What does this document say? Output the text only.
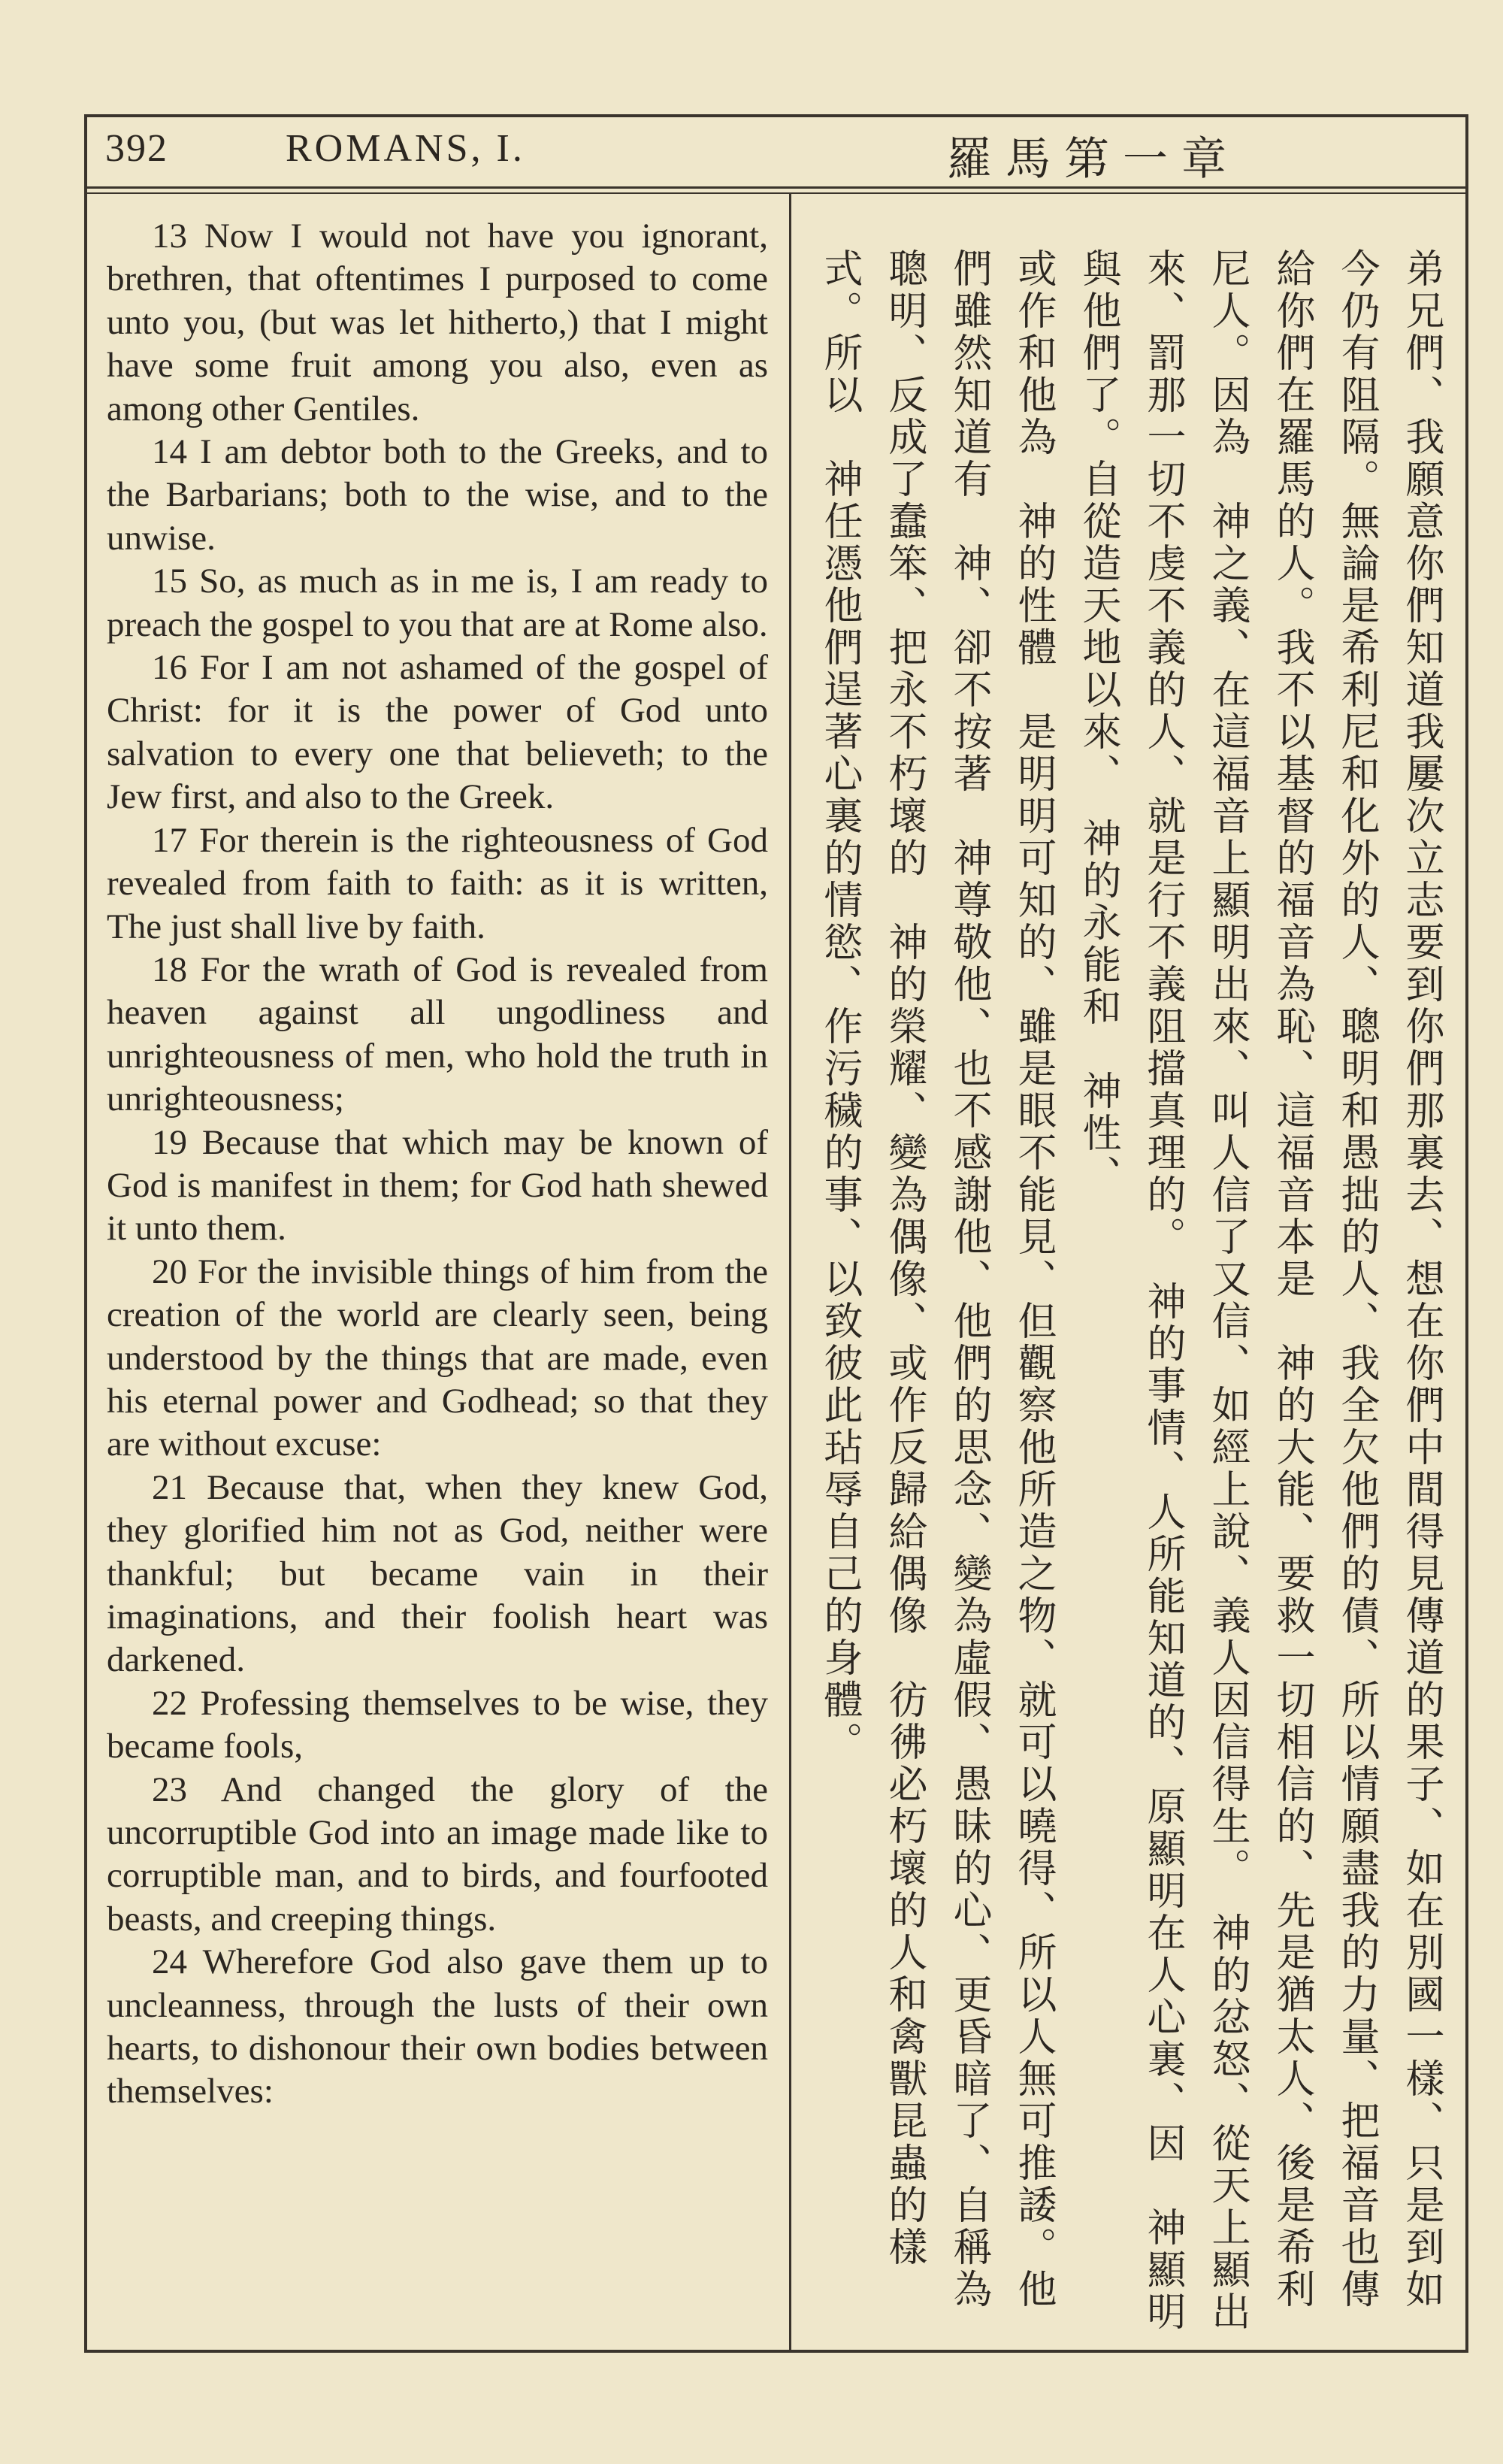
392	ROMANS, I.	羅馬第一章

13 Now I would not have you ignorant, brethren, that oftentimes I purposed to come unto you, (but was let hitherto,) that I might have some fruit among you also, even as among other Gentiles.

14 I am debtor both to the Greeks, and to the Barbarians; both to the wise, and to the unwise.

15 So, as much as in me is, I am ready to preach the gospel to you that are at Rome also.

16 For I am not ashamed of the gospel of Christ: for it is the power of God unto salvation to every one that believeth; to the Jew first, and also to the Greek.

17 For therein is the righteousness of God revealed from faith to faith: as it is written, The just shall live by faith.

18 For the wrath of God is revealed from heaven against all ungodliness and unrighteousness of men, who hold the truth in unrighteousness;

19 Because that which may be known of God is manifest in them; for God hath shewed it unto them.

20 For the invisible things of him from the creation of the world are clearly seen, being understood by the things that are made, even his eternal power and Godhead; so that they are without excuse:

21 Because that, when they knew God, they glorified him not as God, neither were thankful; but became vain in their imaginations, and their foolish heart was darkened.

22 Professing themselves to be wise, they became fools,

23 And changed the glory of the uncorruptible God into an image made like to corruptible man, and to birds, and fourfooted beasts, and creeping things.

24 Wherefore God also gave them up to uncleanness, through the lusts of their own hearts, to dishonour their own bodies between themselves:	弟兄們、我願意你們知道我屢次立志要到你們那裏去、想在你們中間得見傳道的果子、如在別國一樣、只是到如今仍有阻隔。無論是希利尼和化外的人、聰明和愚拙的人、我全欠他們的債、所以情願盡我的力量、把福音也傳給你們在羅馬的人。我不以基督的福音為恥、這福音本是　神的大能、要救一切相信的、先是猶太人、後是希利尼人。因為　神之義、在這福音上顯明出來、叫人信了又信、如經上說、義人因信得生。　神的忿怒、從天上顯出來、罰那一切不虔不義的人、就是行不義阻擋真理的。　神的事情、人所能知道的、原顯明在人心裏、因　神顯明與他們了。自從造天地以來、　神的永能和　神性、

或作和他為　神的性體　是明明可知的、雖是眼不能見、但觀察他所造之物、就可以曉得、所以人無可推諉。他們雖然知道有　神、卻不按著　神尊敬他、也不感謝他、他們的思念、變為虛假、愚昧的心、更昏暗了、自稱為聰明、反成了蠢笨、把永不朽壞的　神的榮耀、變為偶像、或作反歸給偶像　彷彿必朽壞的人和禽獸昆蟲的樣式。所以　神任憑他們逞著心裏的情慾、作污穢的事、以致彼此玷辱自己的身體。
